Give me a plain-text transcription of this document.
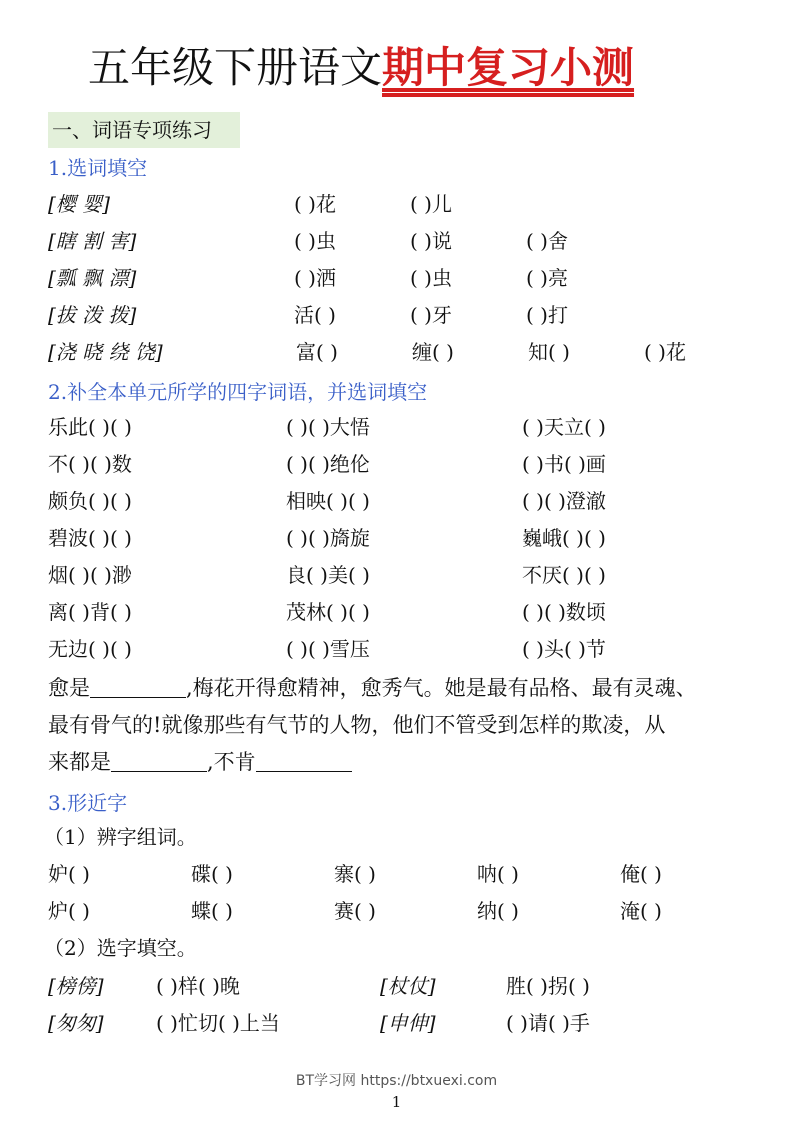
五年级下册语文期中复习小测
一、词语专项练习
1.选词填空
[樱 婴]	( )花	( )儿
[瞎 割 害]	( )虫	( )说	( )舍
[瓢 飘 漂]	( )洒	( )虫	( )亮
[拔 泼 拨]	活( )	( )牙	( )打
[浇 晓 绕 饶]	富( )	缠( )	知( )	( )花
2.补全本单元所学的四字词语，并选词填空
乐此( )( )	( )( )大悟	( )天立( )
不( )( )数	( )( )绝伦	( )书( )画
颇负( )( )	相映( )( )	( )( )澄澈
碧波( )( )	( )( )旖旋	巍峨( )( )
烟( )( )渺	良( )美( )	不厌( )( )
离( )背( )	茂林( )( )	( )( )数顷
无边( )( )	( )( )雪压	( )头( )节
愈是	,梅花开得愈精神，愈秀气。她是最有品格、最有灵魂、
最有骨气的!就像那些有气节的人物，他们不管受到怎样的欺凌，从
来都是	,不肯
3.形近字
（1）辨字组词。
妒( )	碟( )	寨( )	呐( )	俺( )
炉( )	蝶( )	赛( )	纳( )	淹( )
（2）选字填空。
[榜傍]	( )样( )晚	[杖仗]	胜( )拐( )
[匆匆]	( )忙切( )上当	[申伸]	( )请( )手
BT学习网 https://btxuexi.com
1
